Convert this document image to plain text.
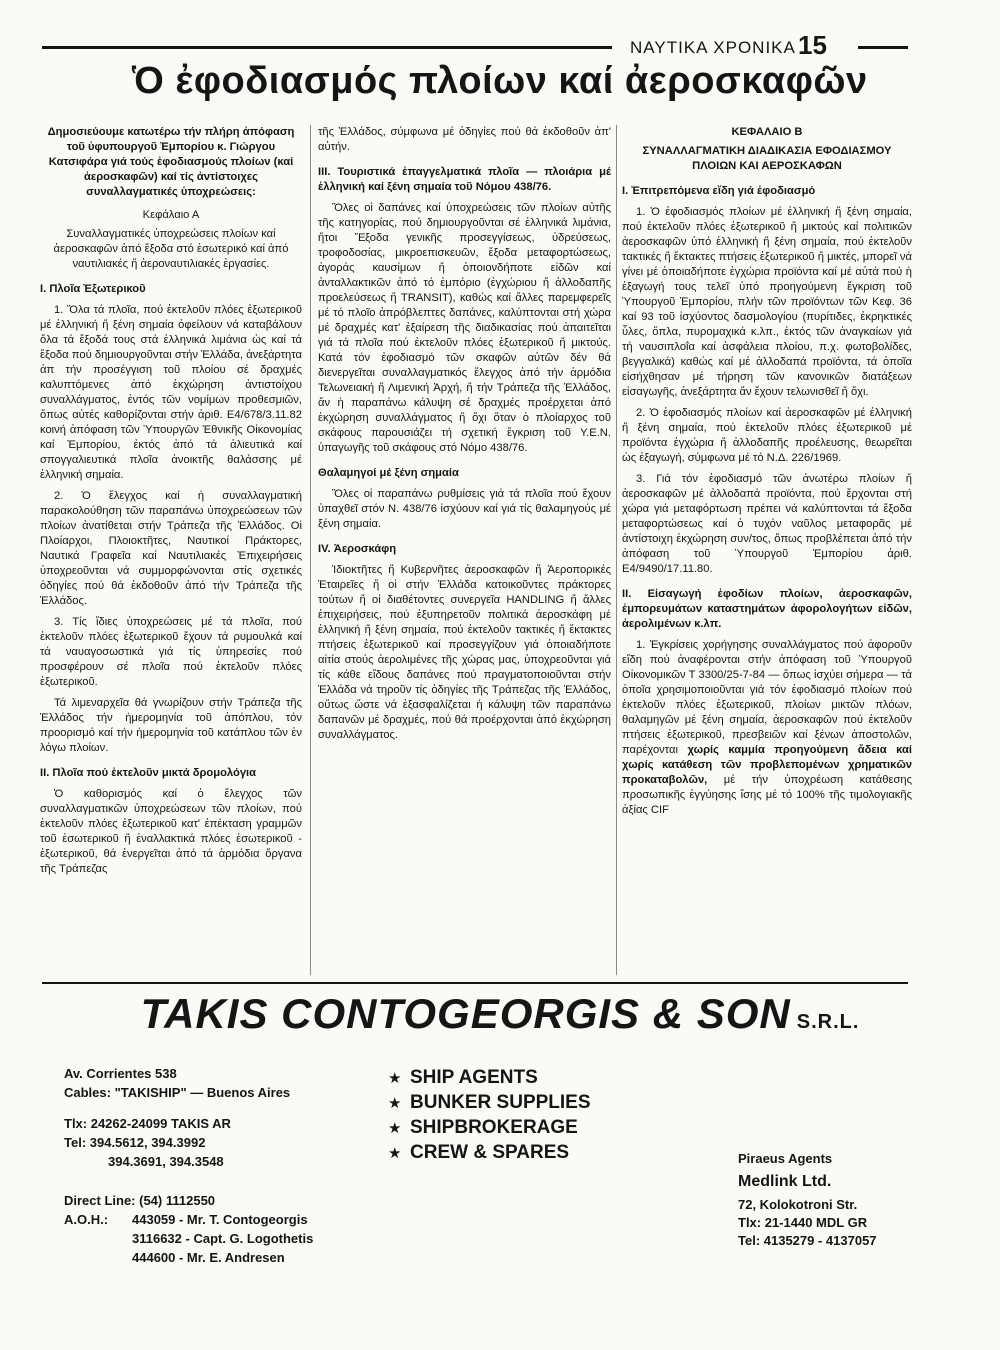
ΝΑΥΤΙΚΑ ΧΡΟΝΙΚΑ 15
Ὁ ἐφοδιασμός πλοίων καί ἀεροσκαφῶν

Δημοσιεύουμε κατωτέρω τήν πλήρη ἀπόφαση τοῦ ὑφυπουργοῦ Ἐμπορίου κ. Γιώργου Κατσιφάρα γιά τούς ἐφοδιασμούς πλοίων (καί ἀεροσκαφῶν) καί τίς ἀντίστοιχες συναλλαγματικές ὑποχρεώσεις:

Κεφάλαιο Α

Συναλλαγματικές ὑποχρεώσεις πλοίων καί ἀεροσκαφῶν ἀπό ἔξοδα στό ἐσωτερικό καί ἀπό ναυτιλιακές ἤ ἀεροναυτιλιακές ἐργασίες.

Ι. Πλοῖα Ἐξωτερικοῦ

1. Ὅλα τά πλοῖα, πού ἐκτελοῦν πλόες ἐξωτερικοῦ μέ ἑλληνική ἤ ξένη σημαία ὀφείλουν νά καταβάλουν ὅλα τά ἔξοδά τους στά ἑλληνικά λιμάνια ὡς καί τά ἔξοδα πού δημιουργοῦνται στήν Ἑλλάδα, ἀνεξάρτητα ἀπ τήν προσέγγιση τοῦ πλοίου σέ δραχμές καλυπτόμενες ἀπό ἐκχώρηση ἀντιστοίχου συναλλάγματος, ἐντός τῶν νομίμων προθεσμιῶν, ὅπως αὐτές καθορίζονται στήν ἀριθ. Ε4/678/3.11.82 κοινή ἀπόφαση τῶν Ὑπουργῶν Ἐθνικῆς Οἰκονομίας καί Ἐμπορίου, ἐκτός ἀπό τά ἁλιευτικά καί σπογγαλιευτικά πλοῖα ἀνοικτῆς θαλάσσης μέ ἑλληνική σημαία.

2. Ὁ ἔλεγχος καί ἡ συναλλαγματική παρακολούθηση τῶν παραπάνω ὑποχρεώσεων τῶν πλοίων ἀνατίθεται στήν Τράπεζα τῆς Ἑλλάδος. Οἱ Πλοίαρχοι, Πλοιοκτῆτες, Ναυτικοί Πράκτορες, Ναυτικά Γραφεῖα καί Ναυτιλιακές Ἐπιχειρήσεις ὑποχρεοῦνται νά συμμορφώνονται στίς σχετικές ὁδηγίες πού θά ἐκδοθοῦν ἀπό τήν Τράπεζα τῆς Ἑλλάδος.

3. Τίς ἴδιες ὑποχρεώσεις μέ τά πλοῖα, πού ἐκτελοῦν πλόες ἐξωτερικοῦ ἔχουν τά ρυμουλκά καί τά ναυαγοσωστικά γιά τίς ὑπηρεσίες πού προσφέρουν σέ πλοῖα πού ἐκτελοῦν πλόες ἐξωτερικοῦ.

Τά λιμεναρχεῖα θά γνωρίζουν στήν Τράπεζα τῆς Ἑλλάδος τήν ἡμερομηνία τοῦ ἀπόπλου, τόν προορισμό καί τήν ἡμερομηνία τοῦ κατάπλου τῶν ἐν λόγω πλοίων.

ΙΙ. Πλοῖα πού ἐκτελοῦν μικτά δρομολόγια

Ὁ καθορισμός καί ὁ ἔλεγχος τῶν συναλλαγματικῶν ὑποχρεώσεων τῶν πλοίων, πού ἐκτελοῦν πλόες ἐξωτερικοῦ κατ' ἐπέκταση γραμμῶν τοῦ ἐσωτερικοῦ ἤ ἐναλλακτικά πλόες ἐσωτερικοῦ - ἐξωτερικοῦ, θά ἐνεργεῖται ἀπό τά ἁρμόδια ὄργανα τῆς Τράπεζας

τῆς Ἑλλάδος, σύμφωνα μέ ὁδηγίες πού θά ἐκδοθοῦν ἀπ' αὐτήν.

ΙΙΙ. Τουριστικά ἐπαγγελματικά πλοῖα — πλοιάρια μέ ἑλληνική καί ξένη σημαία τοῦ Νόμου 438/76.

Ὅλες οἱ δαπάνες καί ὑποχρεώσεις τῶν πλοίων αὐτῆς τῆς κατηγορίας, πού δημιουργοῦνται σέ ἑλληνικά λιμάνια, ἤτοι Ἔξοδα γενικῆς προσεγγίσεως, ὑδρεύσεως, τροφοδοσίας, μικροεπισκευῶν, ἔξοδα μεταφορτώσεως, ἀγοράς καυσίμων ἤ ὁποιονδήποτε εἰδῶν καί ἀνταλλακτικῶν ἀπό τό ἐμπόριο (ἐγχώριου ἤ ἀλλοδαπῆς προελεύσεως ἤ TRANSIT), καθώς καί ἄλλες παρεμφερεῖς μέ τό πλοῖο ἀπρόβλεπτες δαπάνες, καλύπτονται στή χώρα μέ δραχμές κατ' ἐξαίρεση τῆς διαδικασίας πού ἀπαιτεῖται γιά τά πλοῖα πού ἐκτελοῦν πλόες ἐξωτερικοῦ ἤ μικτούς. Κατά τόν ἐφοδιασμό τῶν σκαφῶν αὐτῶν δέν θά διενεργεῖται συναλλαγματικός ἔλεγχος ἀπό τήν ἁρμόδια Τελωνειακή ἤ Λιμενική Ἀρχή, ἤ τήν Τράπεζα τῆς Ἑλλάδος, ἄν ἡ παραπάνω κάλυψη σέ δραχμές προέρχεται ἀπό ἐκχώρηση συναλλάγματος ἤ ὄχι ὅταν ὁ πλοίαρχος τοῦ σκάφους παρουσιάζει τή σχετική ἔγκριση τοῦ Υ.Ε.Ν. ὑπαγωγῆς τοῦ σκάφους στό Νόμο 438/76.

Θαλαμηγοί μέ ξένη σημαία

Ὅλες οἱ παραπάνω ρυθμίσεις γιά τά πλοῖα πού ἔχουν ὑπαχθεῖ στόν Ν. 438/76 ἰσχύουν καί γιά τίς θαλαμηγούς μέ ξένη σημαία.

IV. Ἀεροσκάφη

Ἰδιοκτῆτες ἤ Κυβερνῆτες ἀεροσκαφῶν ἤ Ἀεροπορικές Ἑταιρεῖες ἤ οἱ στήν Ἑλλάδα κατοικοῦντες πράκτορες τούτων ἤ οἱ διαθέτοντες συνεργεῖα HANDLING ἤ ἄλλες ἐπιχειρήσεις, πού ἐξυπηρετοῦν πολιτικά ἀεροσκάφη μέ ἑλληνική ἤ ξένη σημαία, πού ἐκτελοῦν τακτικές ἤ ἔκτακτες πτήσεις ἐξωτερικοῦ καί προσεγγίζουν γιά ὁποιαδήποτε αἰτία στούς ἀερολιμένες τῆς χώρας μας, ὑποχρεοῦνται γιά τίς κάθε εἴδους δαπάνες πού πραγματοποιοῦνται στήν Ἑλλάδα νά τηροῦν τίς ὁδηγίες τῆς Τράπεζας τῆς Ἑλλάδος, οὕτως ὥστε νά ἐξασφαλίζεται ἡ κάλυψη τῶν παραπάνω δαπανῶν μέ δραχμές, πού θά προέρχονται ἀπό ἐκχώρηση συναλλάγματος.

ΚΕΦΑΛΑΙΟ Β
ΣΥΝΑΛΛΑΓΜΑΤΙΚΗ ΔΙΑΔΙΚΑΣΙΑ ΕΦΟΔΙΑΣΜΟΥ ΠΛΟΙΩΝ ΚΑΙ ΑΕΡΟΣΚΑΦΩΝ
Ι. Ἐπιτρεπόμενα εἴδη γιά ἐφοδιασμό

1. Ὁ ἐφοδιασμός πλοίων μέ ἑλληνική ἤ ξένη σημαία, πού ἐκτελοῦν πλόες ἐξωτερικοῦ ἤ μικτούς καί πολιτικῶν ἀεροσκαφῶν ὑπό ἑλληνική ἤ ξένη σημαία, πού ἐκτελοῦν τακτικές ἤ ἔκτακτες πτήσεις ἐξωτερικοῦ ἤ μικτές, μπορεῖ νά γίνει μέ ὁποιαδήποτε ἐγχώρια προϊόντα καί μέ αὐτά πού ἡ ἐξαγωγή τους τελεῖ ὑπό προηγούμενη ἔγκριση τοῦ Ὑπουργοῦ Ἐμπορίου, πλήν τῶν προϊόντων τῶν Κεφ. 36 καί 93 τοῦ ἰσχύοντος δασμολογίου (πυρίτιδες, ἐκρηκτικές ὗλες, ὅπλα, πυρομαχικά κ.λπ., ἐκτός τῶν ἀναγκαίων γιά τή ναυσιπλοΐα καί ἀσφάλεια πλοίου, π.χ. φωτοβολίδες, βεγγαλικά) καθώς καί μέ ἀλλοδαπά προϊόντα, τά ὁποῖα εἰσήχθησαν μέ τήρηση τῶν κανονικῶν διατάξεων εἰσαγωγῆς, ἀνεξάρτητα ἄν ἔχουν τελωνισθεῖ ἤ ὄχι.

2. Ὁ ἐφοδιασμός πλοίων καί ἀεροσκαφῶν μέ ἑλληνική ἤ ξένη σημαία, πού ἐκτελοῦν πλόες ἐξωτερικοῦ μέ προϊόντα ἐγχώρια ἤ ἀλλοδαπῆς προέλευσης, θεωρεῖται ὡς ἐξαγωγή, σύμφωνα μέ τό Ν.Δ. 226/1969.

3. Γιά τόν ἐφοδιασμό τῶν ἀνωτέρω πλοίων ἤ ἀεροσκαφῶν μέ ἀλλοδαπά προϊόντα, πού ἔρχονται στή χώρα γιά μεταφόρτωση πρέπει νά καλύπτονται τά ἔξοδα μεταφορτώσεως καί ὁ τυχόν ναῦλος μεταφορᾶς μέ ἀντίστοιχη ἐκχώρηση συν/τος, ὅπως προβλέπεται ἀπό τήν ἀπόφαση τοῦ Ὑπουργοῦ Ἐμπορίου ἀριθ. Ε4/9490/17.11.80.

ΙΙ. Εἰσαγωγή ἐφοδίων πλοίων, ἀεροσκαφῶν, ἐμπορευμάτων καταστημάτων ἀφορολογήτων εἰδῶν, ἀερολιμένων κ.λπ.

1. Ἐγκρίσεις χορήγησης συναλλάγματος πού ἀφοροῦν εἴδη πού ἀναφέρονται στήν ἀπόφαση τοῦ Ὑπουργοῦ Οἰκονομικῶν Τ 3300/25-7-84 — ὅπως ἰσχύει σήμερα — τά ὁποῖα χρησιμοποιοῦνται γιά τόν ἐφοδιασμό πλοίων πού ἐκτελοῦν πλόες ἐξωτερικοῦ, πλοίων μικτῶν πλόων, θαλαμηγῶν μέ ξένη σημαία, ἀεροσκαφῶν πού ἐκτελοῦν πτήσεις ἐξωτερικοῦ, πρεσβειῶν καί ξένων ἀποστολῶν, παρέχονται χωρίς καμμία προηγούμενη ἄδεια καί χωρίς κατάθεση τῶν προβλεπομένων χρηματικῶν προκαταβολῶν, μέ τήν ὑποχρέωση κατάθεσης προσωπικῆς ἐγγύησης ἴσης μέ τό 100% τῆς τιμολογιακῆς ἀξίας CIF

TAKIS CONTOGEORGIS & SON S.R.L.
Av. Corrientes 538
Cables: "TAKISHIP" — Buenos Aires
Tlx: 24262-24099 TAKIS AR
Tel: 394.5612, 394.3992
394.3691, 394.3548
Direct Line: (54) 1112550
A.O.H.: 443059 - Mr. T. Contogeorgis
3116632 - Capt. G. Logothetis
444600 - Mr. E. Andresen
★ SHIP AGENTS
★ BUNKER SUPPLIES
★ SHIPBROKERAGE
★ CREW & SPARES	Piraeus Agents
Medlink Ltd.
72, Kolokotroni Str.
Tlx: 21-1440 MDL GR
Tel: 4135279 - 4137057
